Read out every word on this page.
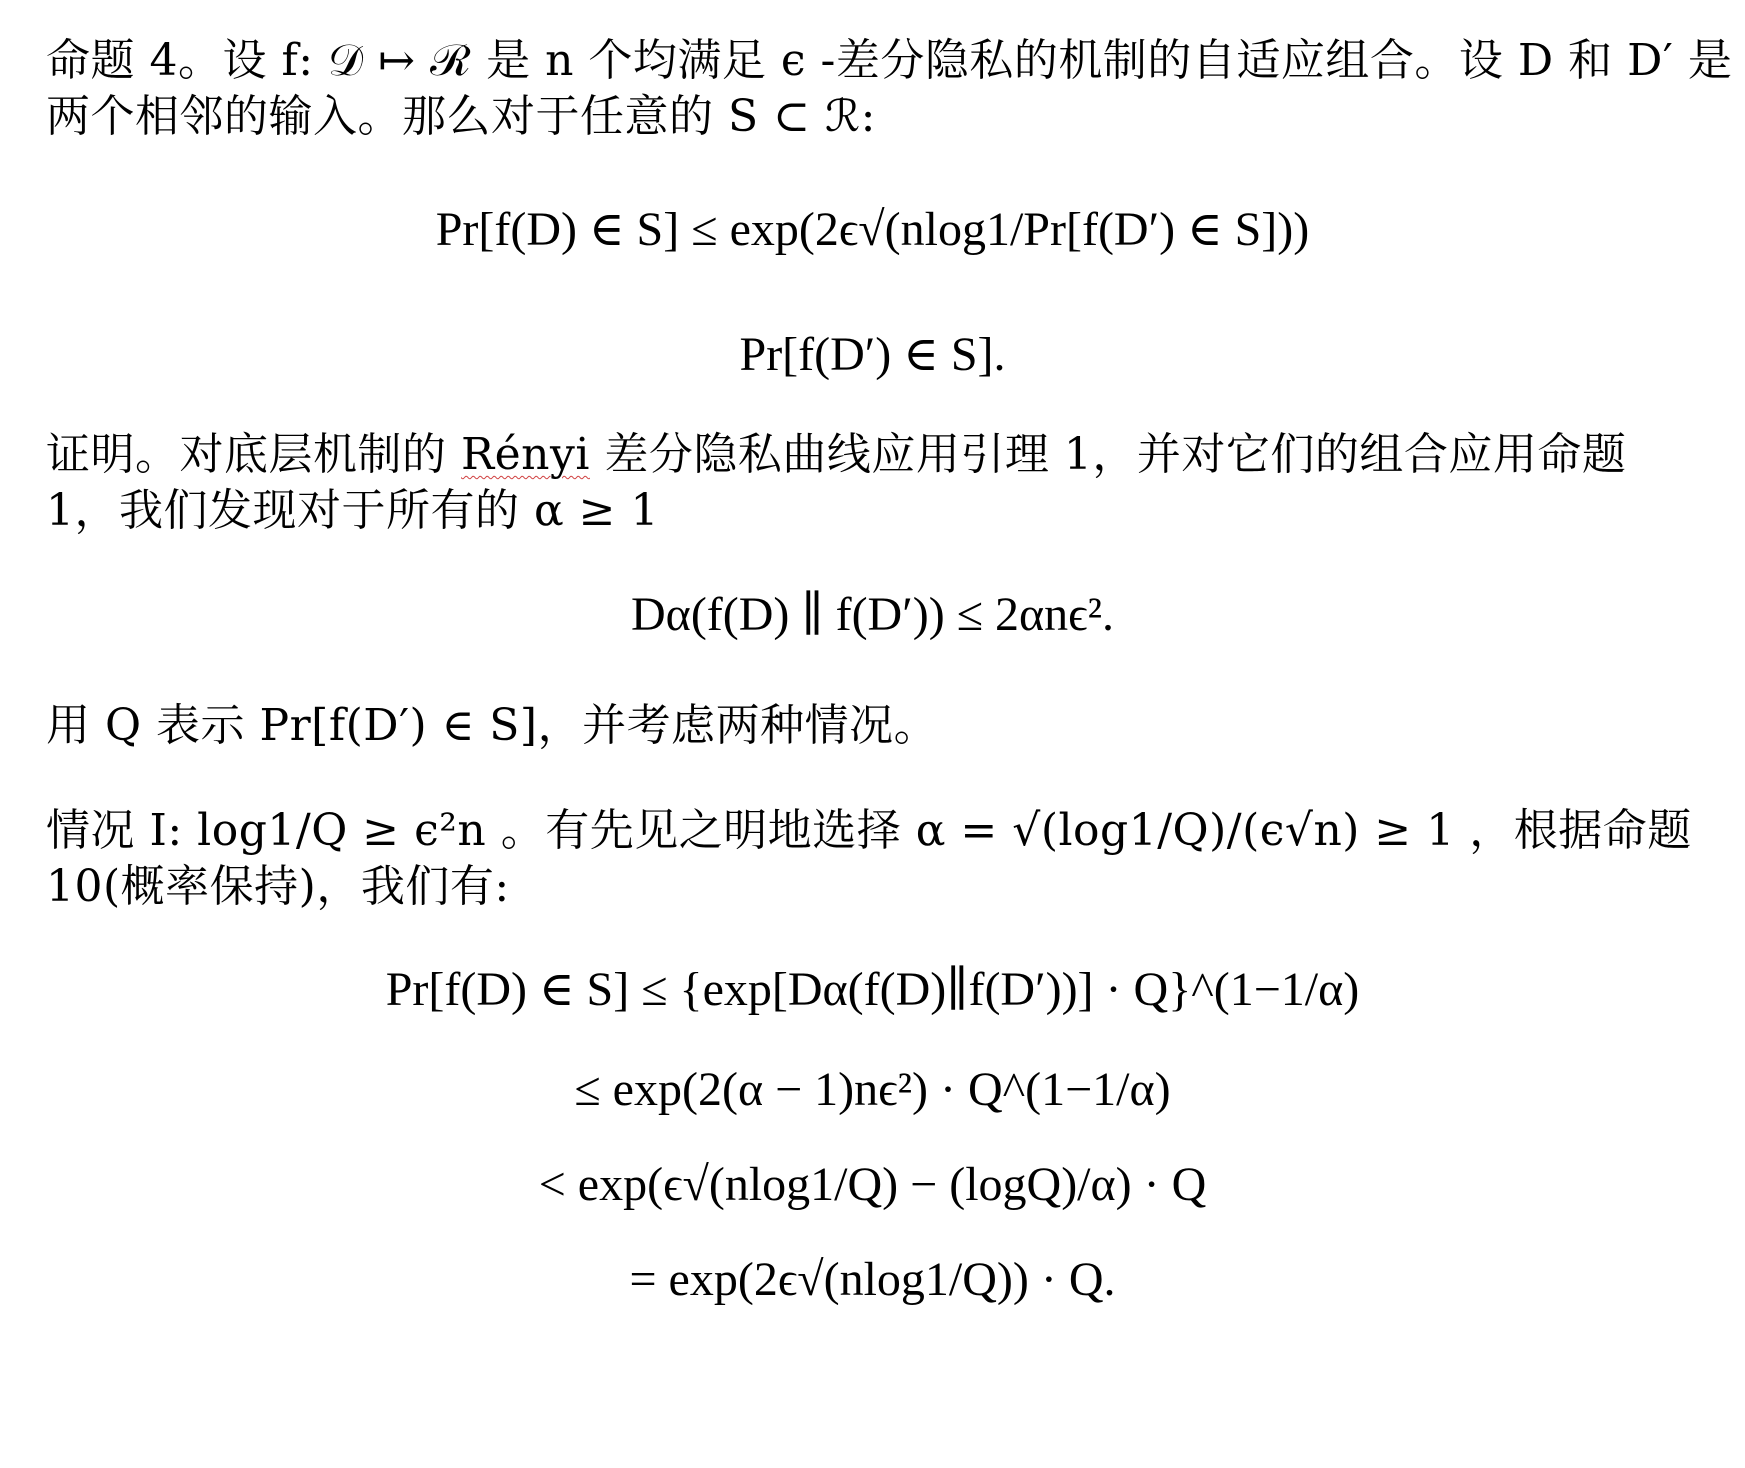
命题 4。设 f: 𝒟 ↦ ℛ 是 n 个均满足 ϵ -差分隐私的机制的自适应组合。设 D 和 D′ 是
两个相邻的输入。那么对于任意的 S ⊂ ℛ:
Pr[f(D) ∈ S] ≤ exp(2ϵ√(nlog1/Pr[f(D′) ∈ S]))
Pr[f(D′) ∈ S].
证明。对底层机制的 Rényi 差分隐私曲线应用引理 1，并对它们的组合应用命题
1，我们发现对于所有的 α ≥ 1
Dα(f(D) ∥ f(D′)) ≤ 2αnϵ².
用 Q 表示 Pr[f(D′) ∈ S]，并考虑两种情况。
情况 I: log1/Q ≥ ϵ²n 。有先见之明地选择 α = √(log1/Q)/(ϵ√n) ≥ 1 ，根据命题
10(概率保持)，我们有:
Pr[f(D) ∈ S] ≤ {exp[Dα(f(D)∥f(D′))] · Q}^(1−1/α)
≤ exp(2(α − 1)nϵ²) · Q^(1−1/α)
< exp(ϵ√(nlog1/Q) − (logQ)/α) · Q
= exp(2ϵ√(nlog1/Q)) · Q.
